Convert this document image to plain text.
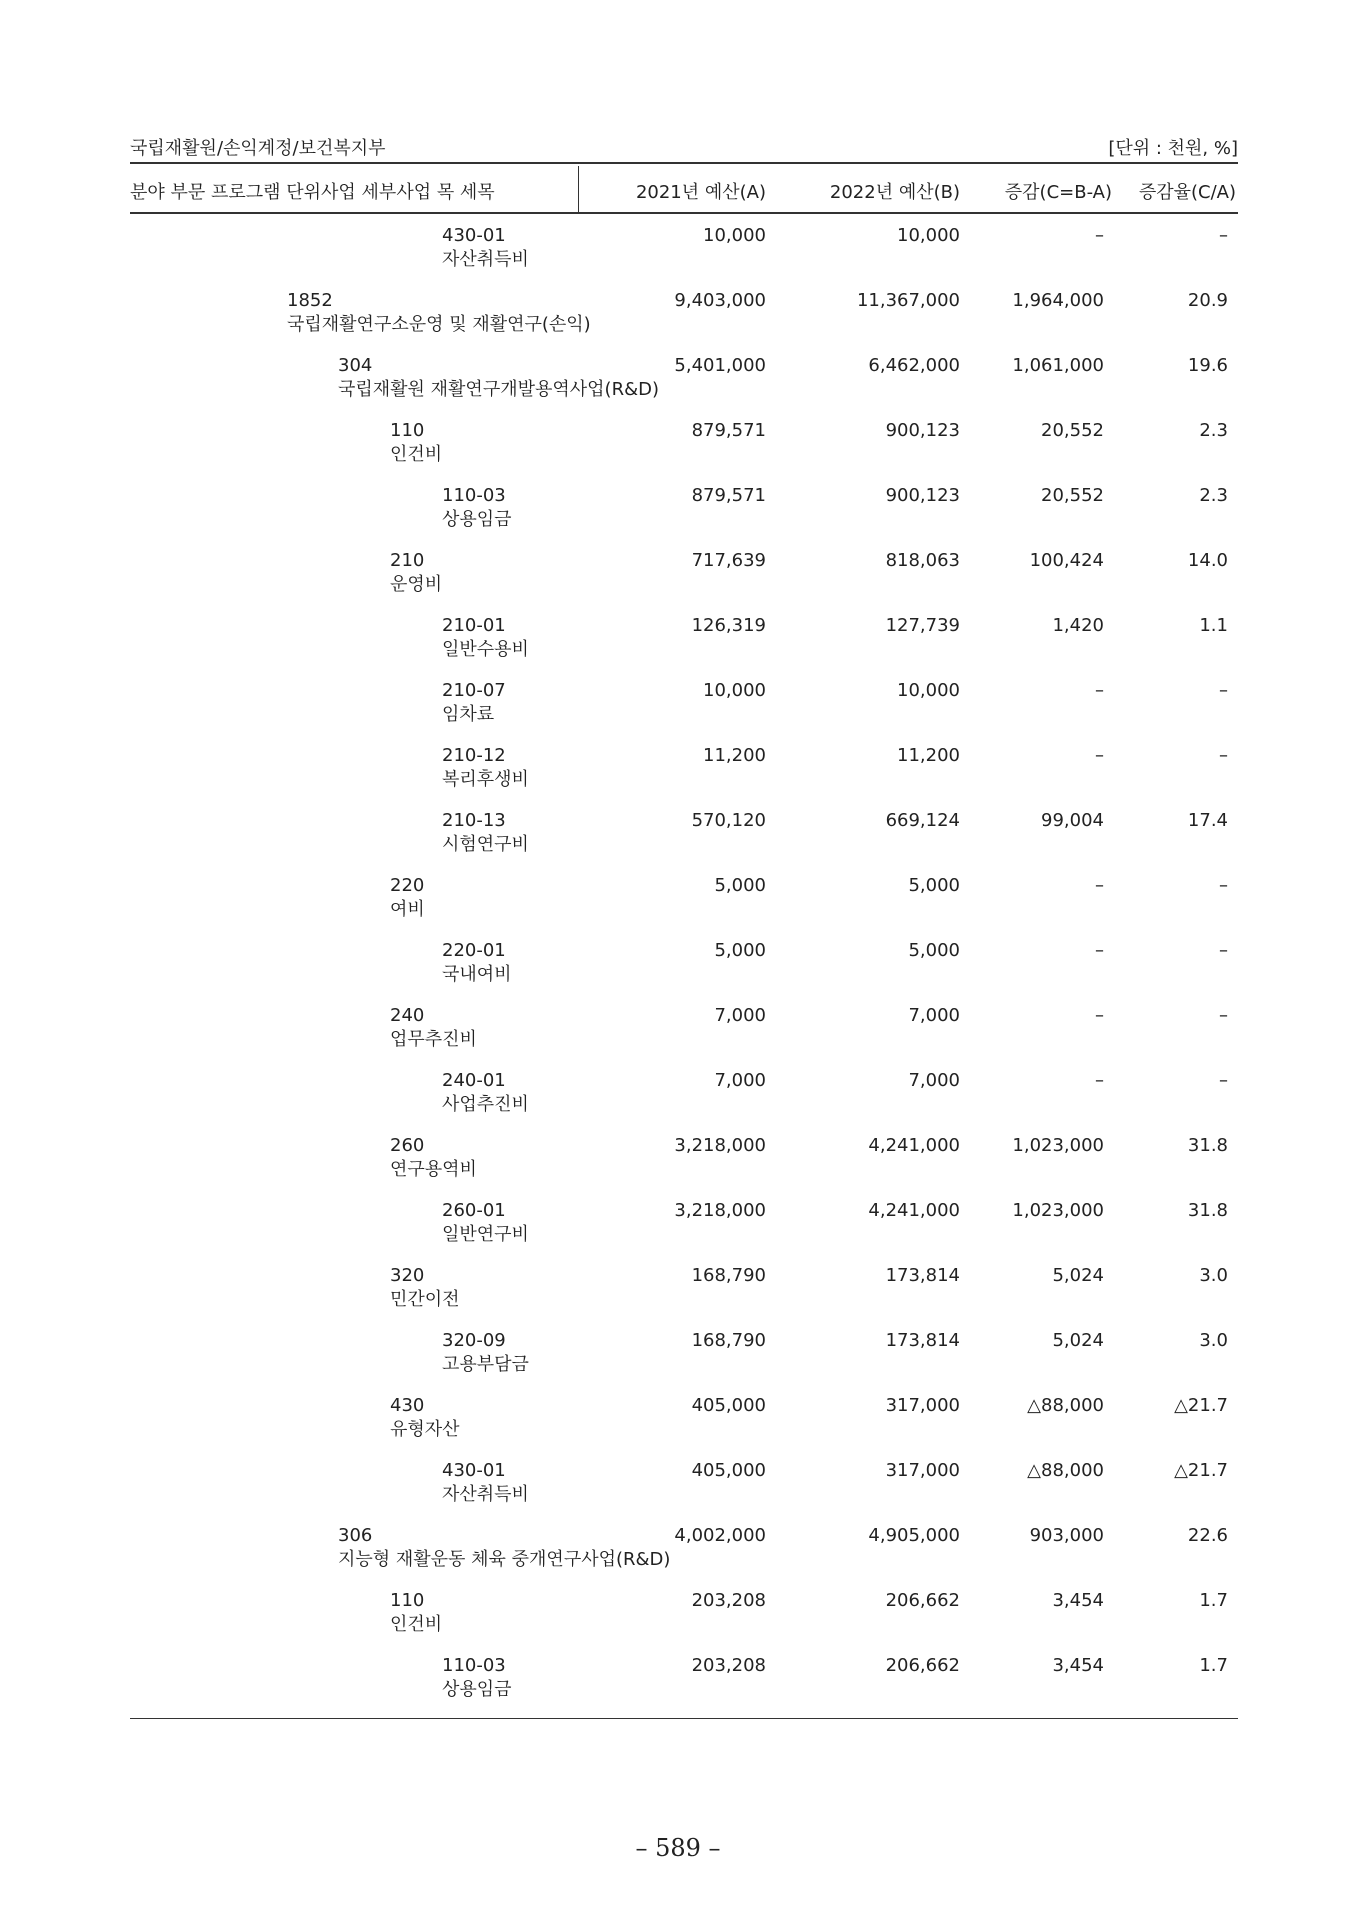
국립재활원/손익계정/보건복지부	[단위 : 천원, %]
분야 부문 프로그램 단위사업 세부사업 목 세목	2021년 예산(A)	2022년 예산(B) 증감(C=B-A) 증감율(C/A)
430-01
자산취득비
10,000	10,000	–	–
1852
국립재활연구소운영 및 재활연구(손익)
9,403,000	11,367,000	1,964,000	20.9
304
국립재활원 재활연구개발용역사업(R&D)
5,401,000	6,462,000	1,061,000	19.6
110
인건비
879,571	900,123	20,552	2.3
110-03
상용임금
879,571	900,123	20,552	2.3
210
운영비
717,639	818,063	100,424	14.0
210-01
일반수용비
126,319	127,739	1,420	1.1
210-07
임차료
10,000	10,000	–	–
210-12
복리후생비
11,200	11,200	–	–
210-13
시험연구비
570,120	669,124	99,004	17.4
220
여비
5,000	5,000	–	–
220-01
국내여비
5,000	5,000	–	–
240
업무추진비
7,000	7,000	–	–
240-01
사업추진비
7,000	7,000	–	–
260
연구용역비
3,218,000	4,241,000	1,023,000	31.8
260-01
일반연구비
3,218,000	4,241,000	1,023,000	31.8
320
민간이전
168,790	173,814	5,024	3.0
320-09
고용부담금
168,790	173,814	5,024	3.0
430
유형자산
405,000	317,000	△88,000	△21.7
430-01
자산취득비
405,000	317,000	△88,000	△21.7
306
지능형 재활운동 체육 중개연구사업(R&D)
4,002,000	4,905,000	903,000	22.6
110
인건비
203,208	206,662	3,454	1.7
110-03
상용임금
203,208	206,662	3,454	1.7
– 589 –
